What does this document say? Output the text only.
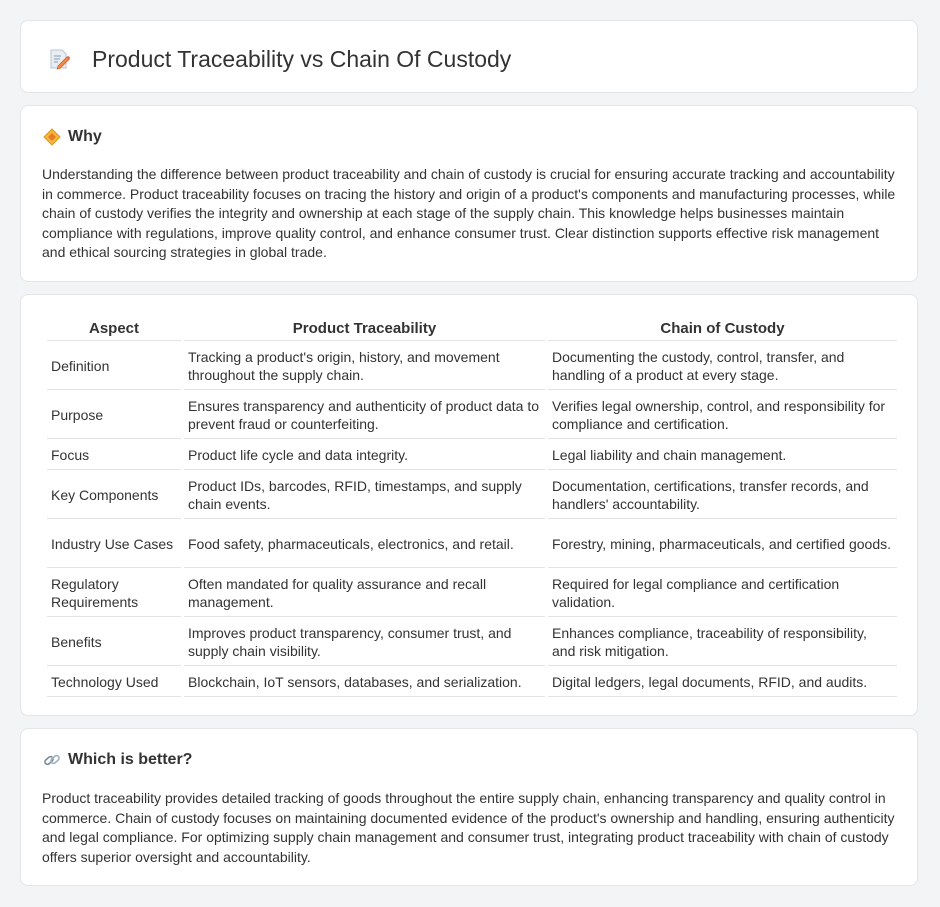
Product Traceability vs Chain Of Custody
Why

Understanding the difference between product traceability and chain of custody is crucial for ensuring accurate tracking and accountability in commerce. Product traceability focuses on tracing the history and origin of a product's components and manufacturing processes, while chain of custody verifies the integrity and ownership at each stage of the supply chain. This knowledge helps businesses maintain compliance with regulations, improve quality control, and enhance consumer trust. Clear distinction supports effective risk management and ethical sourcing strategies in global trade.

Aspect	Product Traceability	Chain of Custody
Definition	Tracking a product's origin, history, and movement throughout the supply chain.	Documenting the custody, control, transfer, and handling of a product at every stage.
Purpose	Ensures transparency and authenticity of product data to prevent fraud or counterfeiting.	Verifies legal ownership, control, and responsibility for compliance and certification.
Focus	Product life cycle and data integrity.	Legal liability and chain management.
Key Components	Product IDs, barcodes, RFID, timestamps, and supply chain events.	Documentation, certifications, transfer records, and handlers' accountability.
Industry Use Cases	Food safety, pharmaceuticals, electronics, and retail.	Forestry, mining, pharmaceuticals, and certified goods.
Regulatory Requirements	Often mandated for quality assurance and recall management.	Required for legal compliance and certification validation.
Benefits	Improves product transparency, consumer trust, and supply chain visibility.	Enhances compliance, traceability of responsibility, and risk mitigation.
Technology Used	Blockchain, IoT sensors, databases, and serialization.	Digital ledgers, legal documents, RFID, and audits.
Which is better?

Product traceability provides detailed tracking of goods throughout the entire supply chain, enhancing transparency and quality control in commerce. Chain of custody focuses on maintaining documented evidence of the product's ownership and handling, ensuring authenticity and legal compliance. For optimizing supply chain management and consumer trust, integrating product traceability with chain of custody offers superior oversight and accountability.
